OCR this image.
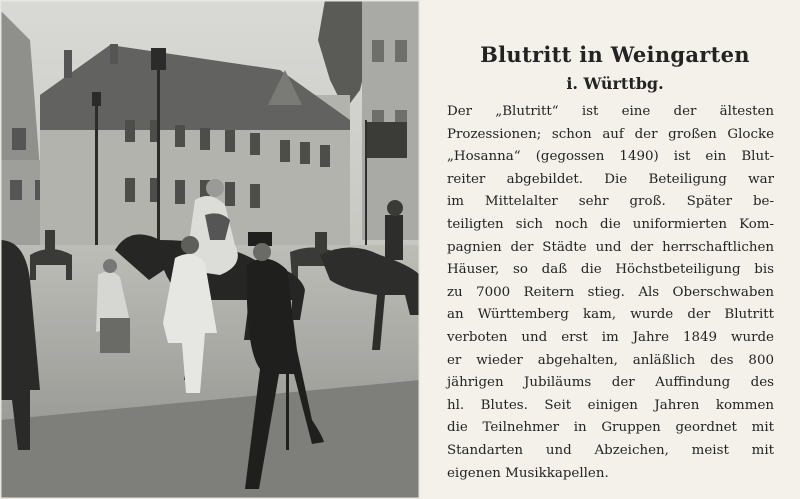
Blutritt in Weingarten
i. Württbg.
Der „Blutritt“ ist eine der ältesten
Prozessionen; schon auf der großen Glocke
„Hosanna“ (gegossen 1490) ist ein Blut-
reiter abgebildet. Die Beteiligung war
im Mittelalter sehr groß. Später be-
teiligten sich noch die uniformierten Kom-
pagnien der Städte und der herrschaftlichen
Häuser, so daß die Höchstbeteiligung bis
zu 7000 Reitern stieg. Als Oberschwaben
an Württemberg kam, wurde der Blutritt
verboten und erst im Jahre 1849 wurde
er wieder abgehalten, anläßlich des 800
jährigen Jubiläums der Auffindung des
hl. Blutes. Seit einigen Jahren kommen
die Teilnehmer in Gruppen geordnet mit
Standarten und Abzeichen, meist mit
eigenen Musikkapellen.
